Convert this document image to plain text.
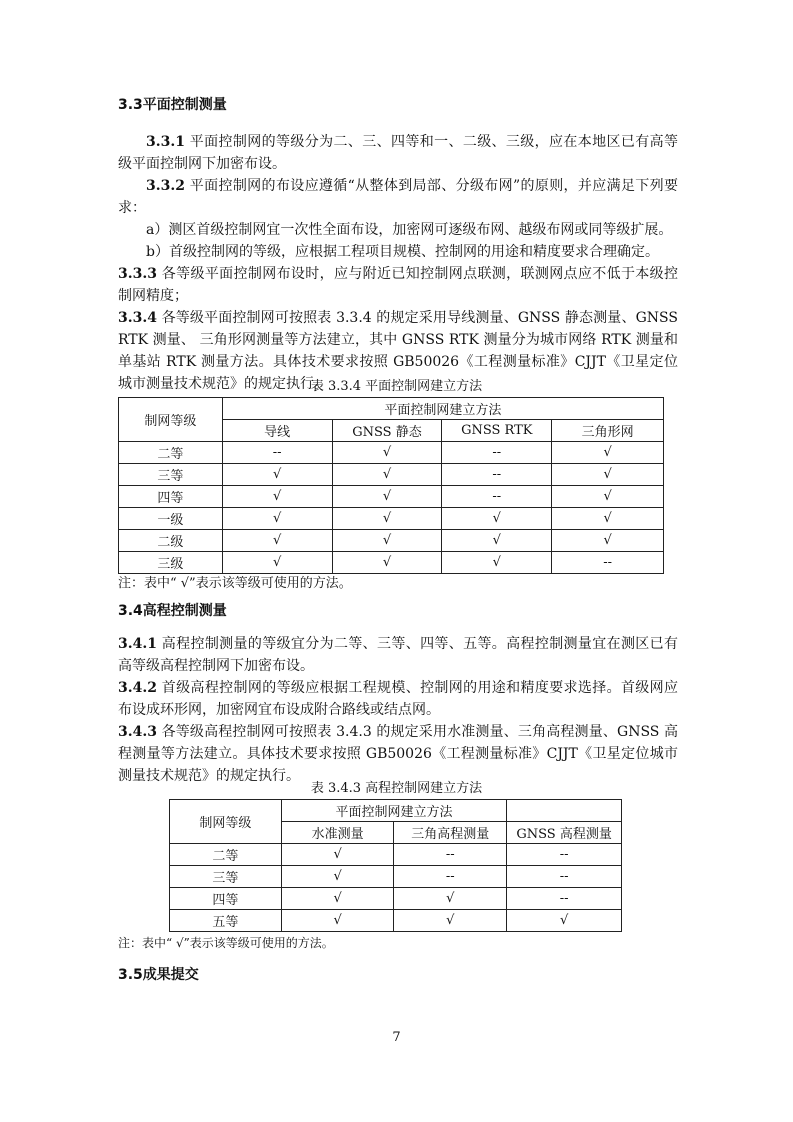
3.3平面控制测量

3.3.1 平面控制网的等级分为二、三、四等和一、二级、三级，应在本地区已有高等级平面控制网下加密布设。

3.3.2 平面控制网的布设应遵循“从整体到局部、分级布网”的原则，并应满足下列要求：

a）测区首级控制网宜一次性全面布设，加密网可逐级布网、越级布网或同等级扩展。

b）首级控制网的等级，应根据工程项目规模、控制网的用途和精度要求合理确定。

3.3.3 各等级平面控制网布设时，应与附近已知控制网点联测，联测网点应不低于本级控制网精度；

3.3.4 各等级平面控制网可按照表 3.3.4 的规定采用导线测量、GNSS 静态测量、GNSS RTK 测量、 三角形网测量等方法建立，其中 GNSS RTK 测量分为城市网络 RTK 测量和单基站 RTK 测量方法。具体技术要求按照 GB50026《工程测量标准》CJJT《卫星定位城市测量技术规范》的规定执行。

表 3.3.4 平面控制网建立方法
制网等级	平面控制网建立方法			
	导线	GNSS 静态	GNSS RTK	三角形网
二等	--	√	--	√
三等	√	√	--	√
四等	√	√	--	√
一级	√	√	√	√
二级	√	√	√	√
三级	√	√	√	--
注：表中“ √”表示该等级可使用的方法。
3.4高程控制测量

3.4.1 高程控制测量的等级宜分为二等、三等、四等、五等。高程控制测量宜在测区已有高等级高程控制网下加密布设。

3.4.2 首级高程控制网的等级应根据工程规模、控制网的用途和精度要求选择。首级网应布设成环形网，加密网宜布设成附合路线或结点网。

3.4.3 各等级高程控制网可按照表 3.4.3 的规定采用水准测量、三角高程测量、GNSS 高程测量等方法建立。具体技术要求按照 GB50026《工程测量标准》CJJT《卫星定位城市测量技术规范》的规定执行。

表 3.4.3 高程控制网建立方法
制网等级	平面控制网建立方法		
	水准测量	三角高程测量	GNSS 高程测量
二等	√	--	--
三等	√	--	--
四等	√	√	--
五等	√	√	√
注：表中“ √”表示该等级可使用的方法。
3.5成果提交
7
